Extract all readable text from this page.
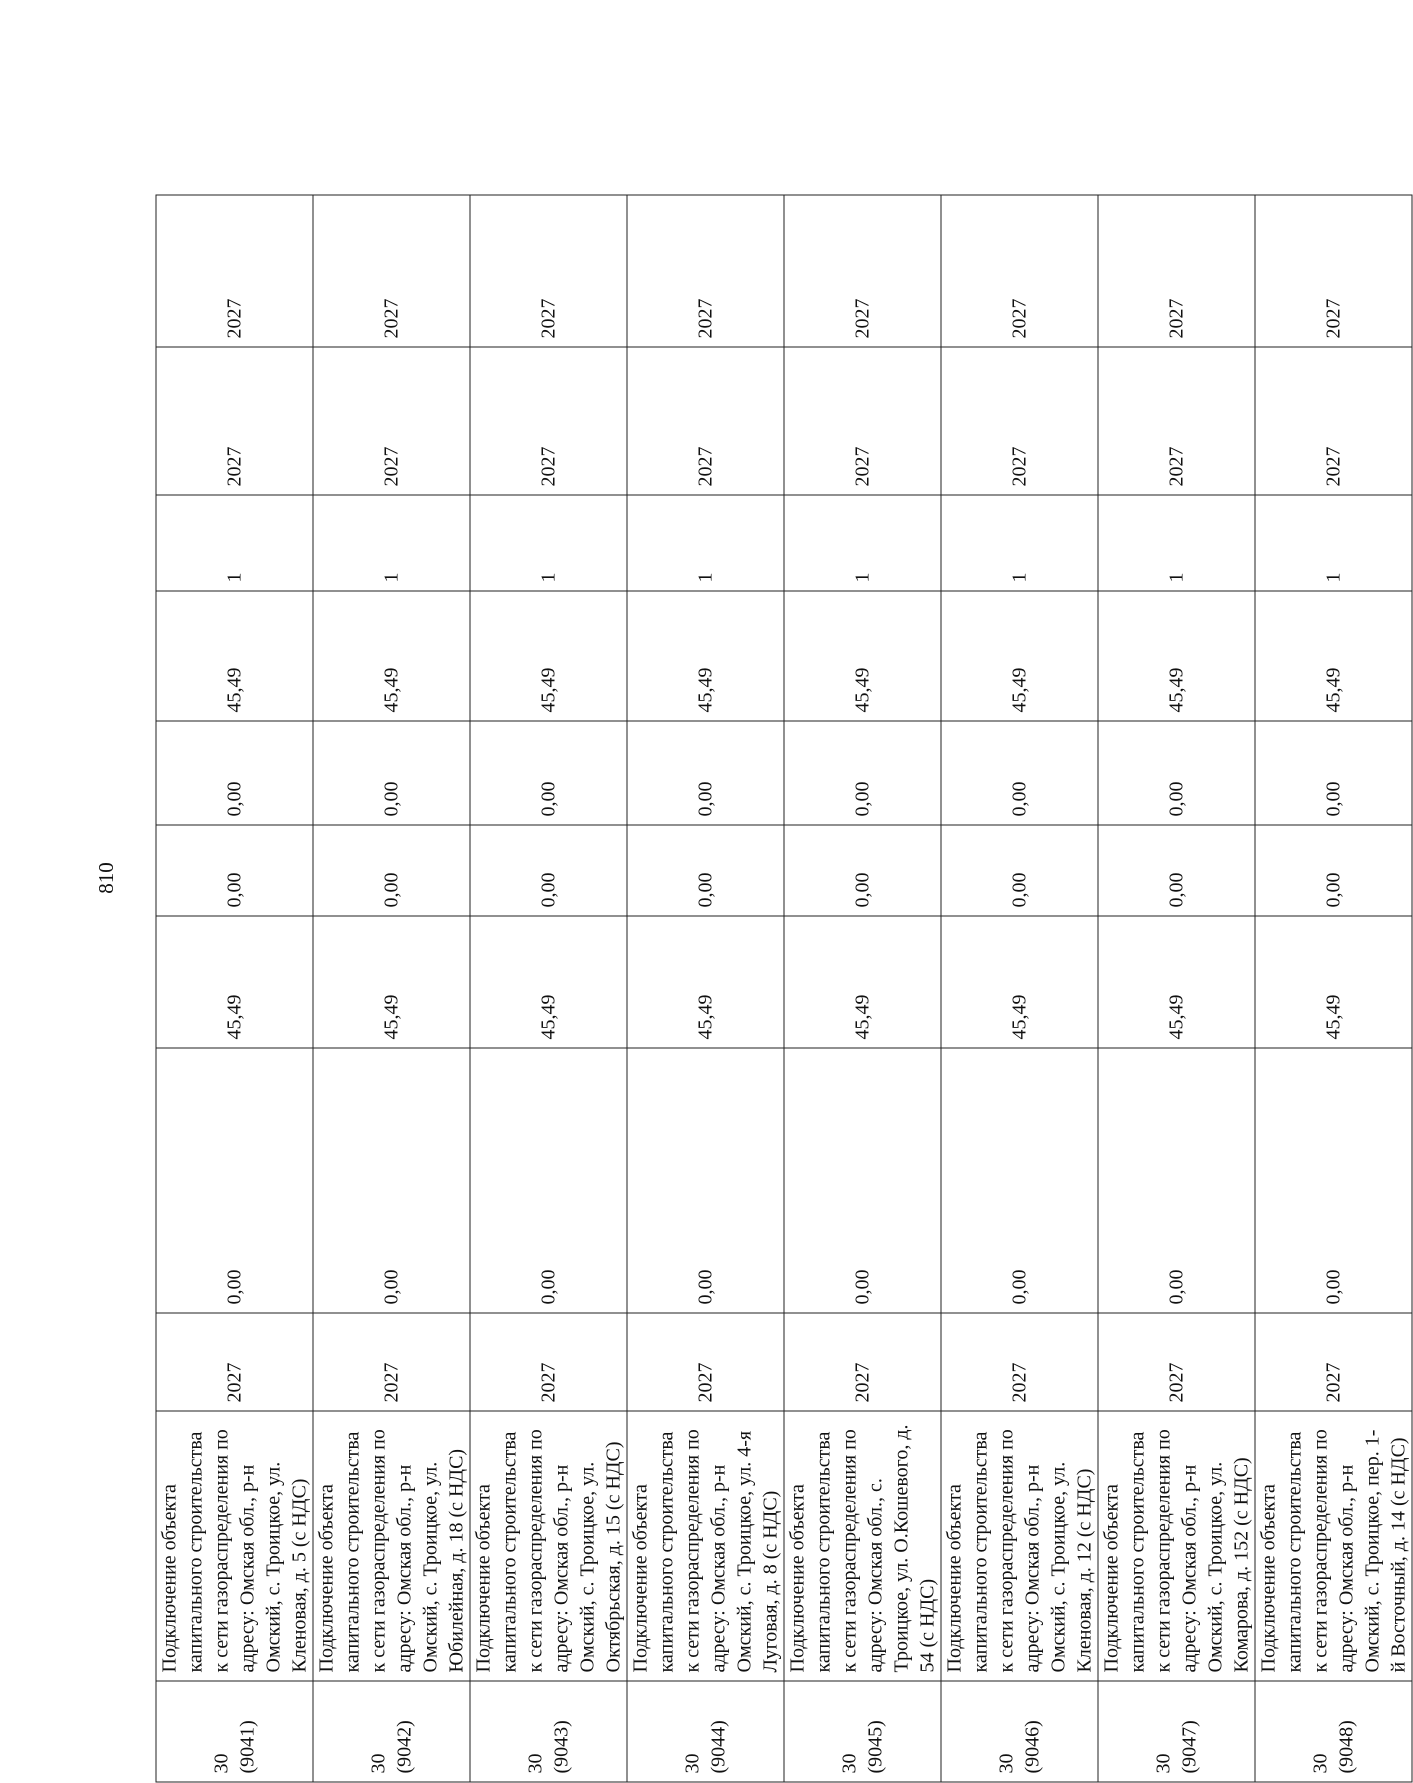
810
30 (9041)	Подключение объекта капитального строительства к сети газораспределения по адресу: Омская обл., р-н Омский, с. Троицкое, ул. Кленовая, д. 5 (с НДС)	2027	0,00	45,49	0,00	0,00	45,49	1	2027	2027
30 (9042)	Подключение объекта капитального строительства к сети газораспределения по адресу: Омская обл., р-н Омский, с. Троицкое, ул. Юбилейная, д. 18 (с НДС)	2027	0,00	45,49	0,00	0,00	45,49	1	2027	2027
30 (9043)	Подключение объекта капитального строительства к сети газораспределения по адресу: Омская обл., р-н Омский, с. Троицкое, ул. Октябрьская, д. 15 (с НДС)	2027	0,00	45,49	0,00	0,00	45,49	1	2027	2027
30 (9044)	Подключение объекта капитального строительства к сети газораспределения по адресу: Омская обл., р-н Омский, с. Троицкое, ул. 4-я Луговая, д. 8 (с НДС)	2027	0,00	45,49	0,00	0,00	45,49	1	2027	2027
30 (9045)	Подключение объекта капитального строительства к сети газораспределения по адресу: Омская обл., с. Троицкое, ул. О.Кошевого, д. 54 (с НДС)	2027	0,00	45,49	0,00	0,00	45,49	1	2027	2027
30 (9046)	Подключение объекта капитального строительства к сети газораспределения по адресу: Омская обл., р-н Омский, с. Троицкое, ул. Кленовая, д. 12 (с НДС)	2027	0,00	45,49	0,00	0,00	45,49	1	2027	2027
30 (9047)	Подключение объекта капитального строительства к сети газораспределения по адресу: Омская обл., р-н Омский, с. Троицкое, ул. Комарова, д. 152 (с НДС)	2027	0,00	45,49	0,00	0,00	45,49	1	2027	2027
30 (9048)	Подключение объекта капитального строительства к сети газораспределения по адресу: Омская обл., р-н Омский, с. Троицкое, пер. 1-й Восточный, д. 14 (с НДС)	2027	0,00	45,49	0,00	0,00	45,49	1	2027	2027
